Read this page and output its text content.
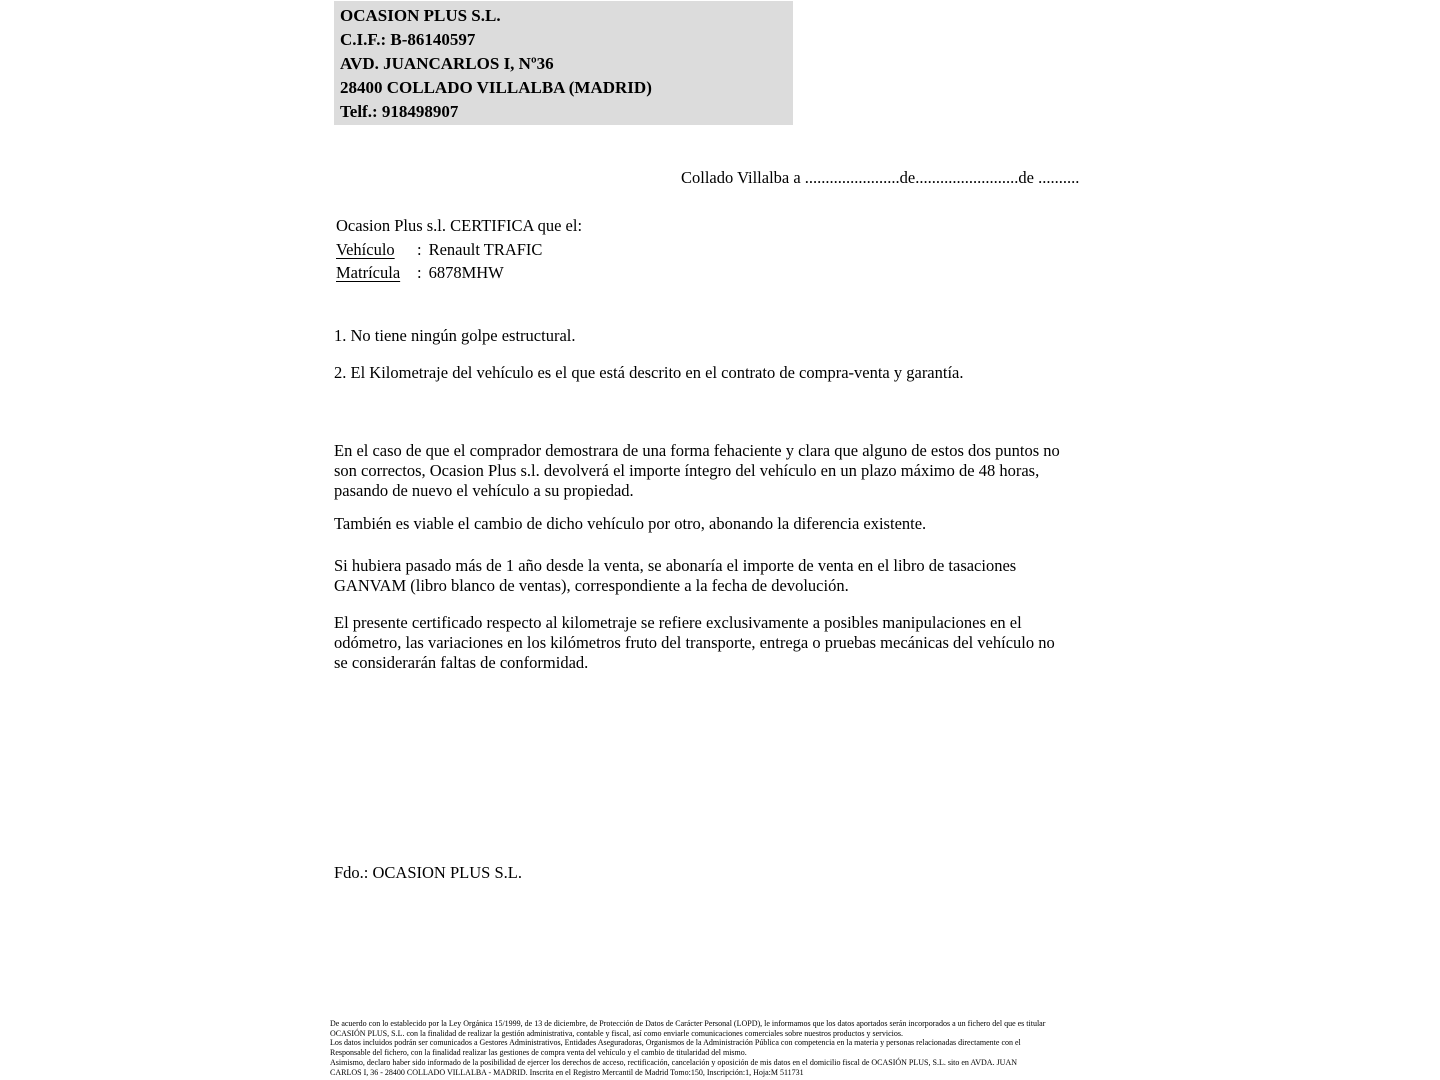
OCASION PLUS S.L.
C.I.F.: B-86140597
AVD. JUANCARLOS I, Nº36
28400 COLLADO VILLALBA (MADRID)
Telf.: 918498907
Collado Villalba a .......................de.........................de ..........
Ocasion Plus s.l. CERTIFICA que el:
Vehículo : Renault TRAFIC
Matrícula : 6878MHW
1. No tiene ningún golpe estructural.
2. El Kilometraje del vehículo es el que está descrito en el contrato de compra-venta y garantía.
En el caso de que el comprador demostrara de una forma fehaciente y clara que alguno de estos dos puntos no
son correctos, Ocasion Plus s.l. devolverá el importe íntegro del vehículo en un plazo máximo de 48 horas,
pasando de nuevo el vehículo a su propiedad.
También es viable el cambio de dicho vehículo por otro, abonando la diferencia existente.
Si hubiera pasado más de 1 año desde la venta, se abonaría el importe de venta en el libro de tasaciones
GANVAM (libro blanco de ventas), correspondiente a la fecha de devolución.
El presente certificado respecto al kilometraje se refiere exclusivamente a posibles manipulaciones en el
odómetro, las variaciones en los kilómetros fruto del transporte, entrega o pruebas mecánicas del vehículo no
se considerarán faltas de conformidad.
Fdo.: OCASION PLUS S.L.
De acuerdo con lo establecido por la Ley Orgánica 15/1999, de 13 de diciembre, de Protección de Datos de Carácter Personal (LOPD), le informamos que los datos aportados serán incorporados a un fichero del que es titular
OCASIÓN PLUS, S.L. con la finalidad de realizar la gestión administrativa, contable y fiscal, así como enviarle comunicaciones comerciales sobre nuestros productos y servicios.
Los datos incluidos podrán ser comunicados a Gestores Administrativos, Entidades Aseguradoras, Organismos de la Administración Pública con competencia en la materia y personas relacionadas directamente con el
Responsable del fichero, con la finalidad realizar las gestiones de compra venta del vehículo y el cambio de titularidad del mismo.
Asimismo, declaro haber sido informado de la posibilidad de ejercer los derechos de acceso, rectificación, cancelación y oposición de mis datos en el domicilio fiscal de OCASIÓN PLUS, S.L. sito en AVDA. JUAN
CARLOS I, 36 - 28400 COLLADO VILLALBA - MADRID. Inscrita en el Registro Mercantil de Madrid Tomo:150, Inscripción:1, Hoja:M 511731
